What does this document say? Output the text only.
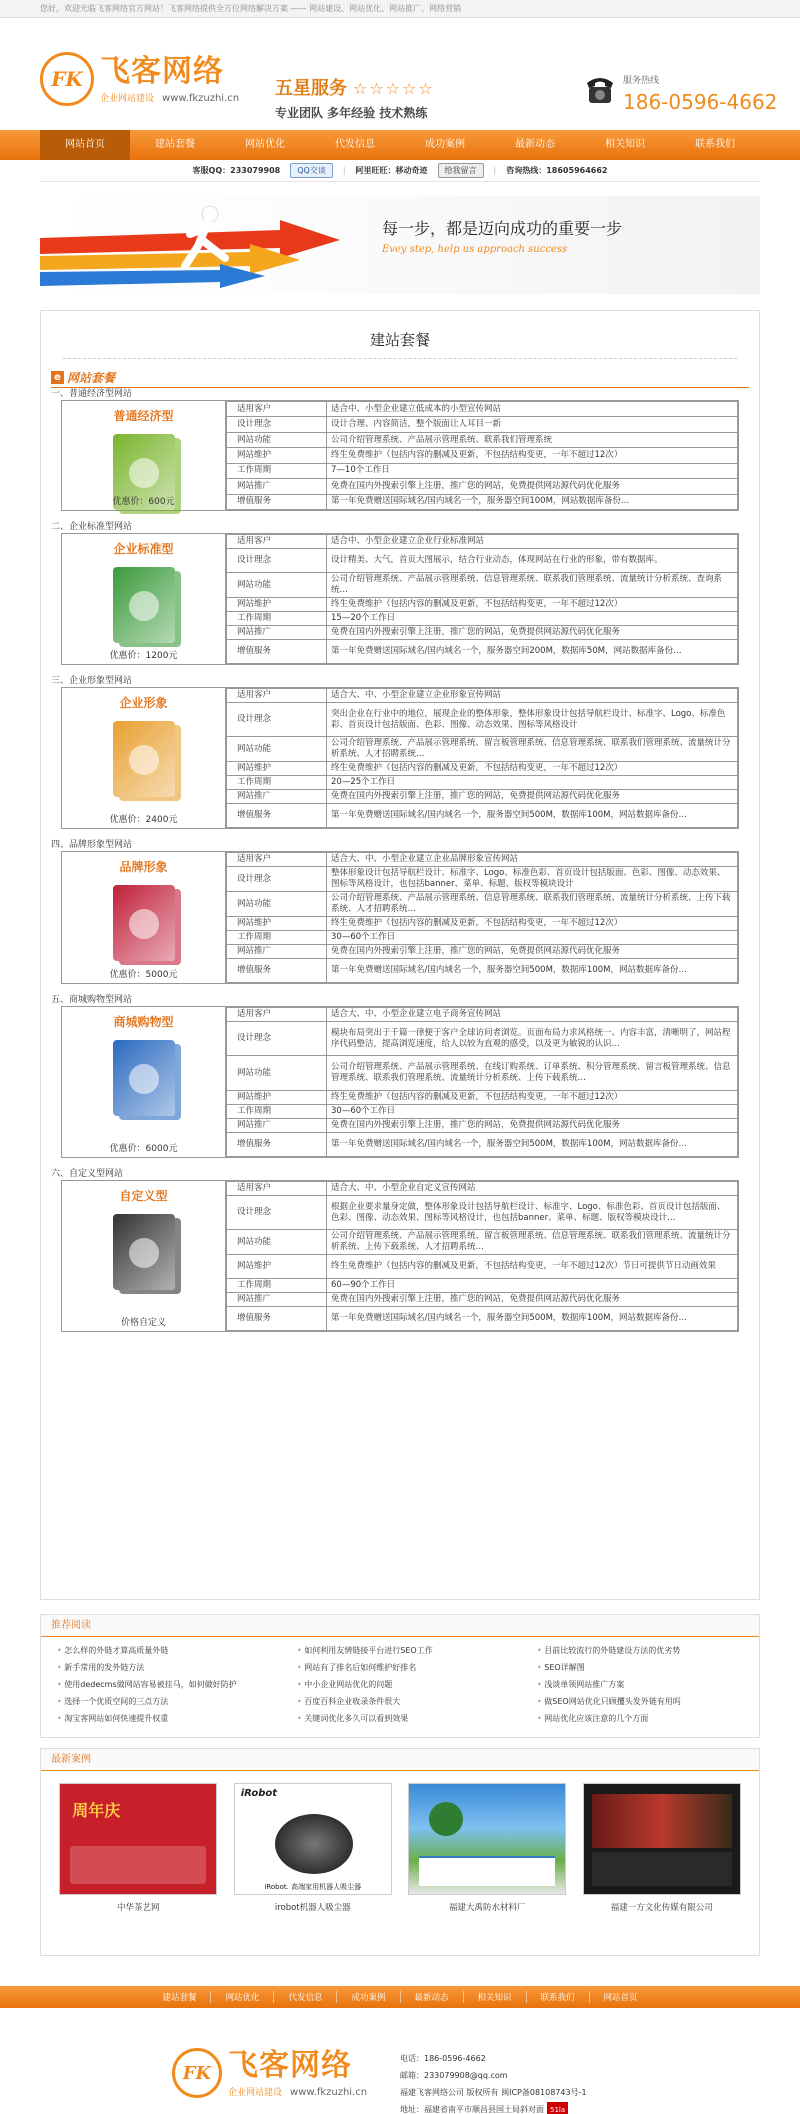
您好，欢迎光临飞客网络官方网站！飞客网络提供全方位网络解决方案 —— 网站建设、网站优化、网站推广、网络营销
FK 飞客网络
企业网站建设 www.fkzuzhi.cn 五星服务 ☆☆☆☆☆
专业团队 多年经验 技术熟练
服务热线
186-0596-4662
网站首页	建站套餐	网站优化	代发信息	成功案例	最新动态	相关知识	联系我们
客服QQ：233079908	QQ交谈	| 阿里旺旺：移动奇迹	给我留言	| 咨询热线：18605964662
每一步，都是迈向成功的重要一步
Evey step, help us approach success
建站套餐
e 网站套餐
一、普通经济型网站
普通经济型
优惠价：600元
适用客户	适合中、小型企业建立低成本的小型宣传网站
设计理念	设计合理、内容简洁，整个版面让人耳目一新
网站功能	公司介绍管理系统、产品展示管理系统、联系我们管理系统
网站维护	终生免费维护（包括内容的删减及更新，不包括结构变更，一年不超过12次）
工作周期	7—10个工作日
网站推广	免费在国内外搜索引擎上注册，推广您的网站，免费提供网站源代码优化服务
增值服务	第一年免费赠送国际域名/国内域名一个，服务器空间100M，网站数据库备份…
二、企业标准型网站
企业标准型
优惠价：1200元
适用客户	适合中、小型企业建立企业行业标准网站
设计理念	设计精美、大气，首页大图展示，结合行业动态，体现网站在行业的形象，带有数据库。
网站功能	公司介绍管理系统、产品展示管理系统、信息管理系统、联系我们管理系统、流量统计分析系统、查询系统…
网站维护	终生免费维护（包括内容的删减及更新，不包括结构变更，一年不超过12次）
工作周期	15—20个工作日
网站推广	免费在国内外搜索引擎上注册，推广您的网站，免费提供网站源代码优化服务
增值服务	第一年免费赠送国际域名/国内域名一个，服务器空间200M，数据库50M，网站数据库备份…
三、企业形象型网站
企业形象
优惠价：2400元
适用客户	适合大、中、小型企业建立企业形象宣传网站
设计理念	突出企业在行业中的地位，展现企业的整体形象，整体形象设计包括导航栏设计、标准字、Logo、标准色彩、首页设计包括版面、色彩、图像、动态效果、图标等风格设计
网站功能	公司介绍管理系统、产品展示管理系统、留言板管理系统、信息管理系统、联系我们管理系统、流量统计分析系统、人才招聘系统…
网站维护	终生免费维护（包括内容的删减及更新，不包括结构变更，一年不超过12次）
工作周期	20—25个工作日
网站推广	免费在国内外搜索引擎上注册，推广您的网站，免费提供网站源代码优化服务
增值服务	第一年免费赠送国际域名/国内域名一个，服务器空间500M，数据库100M，网站数据库备份…
四、品牌形象型网站
品牌形象
优惠价：5000元
适用客户	适合大、中、小型企业建立企业品牌形象宣传网站
设计理念	整体形象设计包括导航栏设计、标准字、Logo、标准色彩、首页设计包括版面、色彩、图像、动态效果、图标等风格设计，也包括banner、菜单、标题、版权等模块设计
网站功能	公司介绍管理系统、产品展示管理系统、信息管理系统、联系我们管理系统、流量统计分析系统、上传下载系统、人才招聘系统…
网站维护	终生免费维护（包括内容的删减及更新，不包括结构变更，一年不超过12次）
工作周期	30—60个工作日
网站推广	免费在国内外搜索引擎上注册，推广您的网站，免费提供网站源代码优化服务
增值服务	第一年免费赠送国际域名/国内域名一个，服务器空间500M，数据库100M，网站数据库备份…
五、商城购物型网站
商城购物型
优惠价：6000元
适用客户	适合大、中、小型企业建立电子商务宣传网站
设计理念	模块布局突出于千篇一律便于客户全球访问者浏览。页面布局力求风格统一、内容丰富，清晰明了，网站程序代码整洁，提高浏览速度，给人以较为直观的感受，以及更为敏锐的认识…
网站功能	公司介绍管理系统、产品展示管理系统、在线订购系统、订单系统、积分管理系统、留言板管理系统、信息管理系统、联系我们管理系统、流量统计分析系统、上传下载系统…
网站维护	终生免费维护（包括内容的删减及更新，不包括结构变更，一年不超过12次）
工作周期	30—60个工作日
网站推广	免费在国内外搜索引擎上注册，推广您的网站，免费提供网站源代码优化服务
增值服务	第一年免费赠送国际域名/国内域名一个，服务器空间500M，数据库100M，网站数据库备份…
六、自定义型网站
自定义型
价格自定义
适用客户	适合大、中、小型企业自定义宣传网站
设计理念	根据企业要求量身定做，整体形象设计包括导航栏设计、标准字、Logo、标准色彩、首页设计包括版面、色彩、图像、动态效果、图标等风格设计，也包括banner、菜单、标题、版权等模块设计…
网站功能	公司介绍管理系统、产品展示管理系统、留言板管理系统、信息管理系统、联系我们管理系统、流量统计分析系统、上传下载系统、人才招聘系统…
网站维护	终生免费维护（包括内容的删减及更新，不包括结构变更，一年不超过12次）节日可提供节日动画效果
工作周期	60—90个工作日
网站推广	免费在国内外搜索引擎上注册，推广您的网站，免费提供网站源代码优化服务
增值服务	第一年免费赠送国际域名/国内域名一个，服务器空间500M，数据库100M，网站数据库备份…
推荐阅读
• 怎么样的外链才算高质量外链	• 如何利用友情链接平台进行SEO工作	• 目前比较流行的外链建设方法的优劣势
• 新手常用的发外链方法	• 网站有了排名后如何维护好排名	• SEO详解图
• 使用dedecms做网站容易被挂马，如何做好防护	• 中小企业网站优化的问题	• 浅谈单领网站推广方案
• 选择一个优质空间的三点方法	• 百度百科企业收录条件很大	• 做SEO网站优化只顾攫头发外链有用吗
• 淘宝客网站如何快速提升权重	• 关键词优化多久可以看到效果	• 网站优化应该注意的几个方面
最新案例
周年庆
中华茶艺网
iRobot
iRobot. 高端家用机器人吸尘器
irobot机器人吸尘器	福建大禹防水材料厂	福建一方文化传媒有限公司
建站套餐	网站优化	代发信息	成功案例	最新动态	相关知识	联系我们	网站首页
FK 飞客网络
企业网站建设 www.fkzuzhi.cn
电话：186-0596-4662
邮箱：233079908@qq.com
福建飞客网络公司 版权所有 闽ICP备08108743号-1
地址：福建省南平市顺昌县国土局斜对面 51la
